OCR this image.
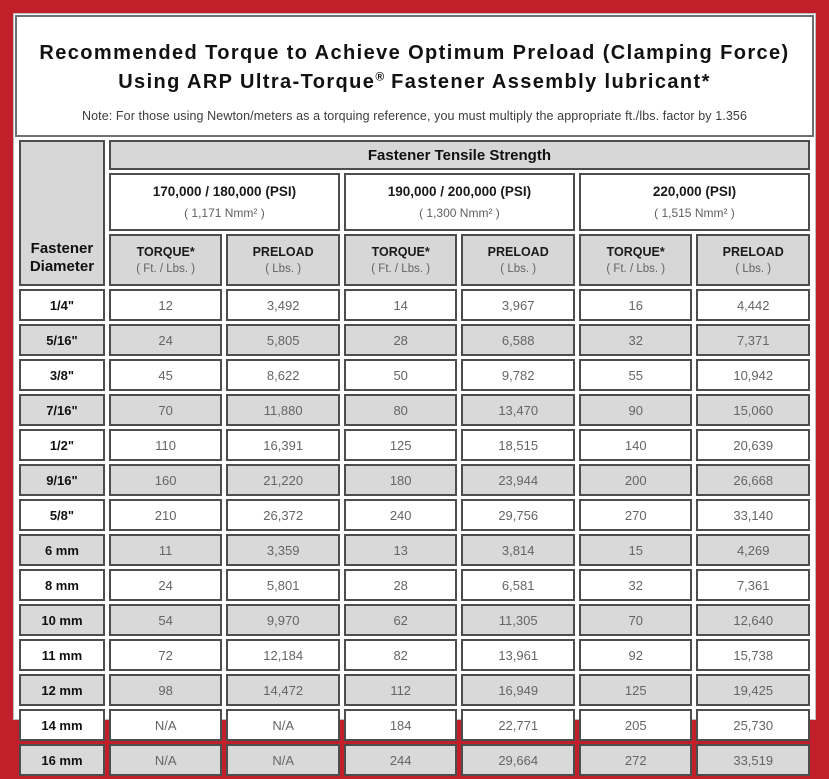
Recommended Torque to Achieve Optimum Preload (Clamping Force)
Using ARP Ultra-Torque® Fastener Assembly lubricant*
Note: For those using Newton/meters as a torquing reference, you must multiply the appropriate ft./lbs. factor by 1.356
Fastener Diameter	Fastener Tensile Strength					

170,000 / 180,000 (PSI)
( 1,171 Nmm² )

190,000 / 200,000 (PSI)
( 1,300 Nmm² )

220,000 (PSI)
( 1,515 Nmm² )

TORQUE*
( Ft. / Lbs. )

PRELOAD
( Lbs. )

TORQUE*
( Ft. / Lbs. )

PRELOAD
( Lbs. )

TORQUE*
( Ft. / Lbs. )

PRELOAD
( Lbs. )

1/4"	12	3,492	14	3,967	16	4,442
5/16"	24	5,805	28	6,588	32	7,371
3/8"	45	8,622	50	9,782	55	10,942
7/16"	70	11,880	80	13,470	90	15,060
1/2"	110	16,391	125	18,515	140	20,639
9/16"	160	21,220	180	23,944	200	26,668
5/8"	210	26,372	240	29,756	270	33,140
6 mm	11	3,359	13	3,814	15	4,269
8 mm	24	5,801	28	6,581	32	7,361
10 mm	54	9,970	62	11,305	70	12,640
11 mm	72	12,184	82	13,961	92	15,738
12 mm	98	14,472	112	16,949	125	19,425
14 mm	N/A	N/A	184	22,771	205	25,730
16 mm	N/A	N/A	244	29,664	272	33,519
